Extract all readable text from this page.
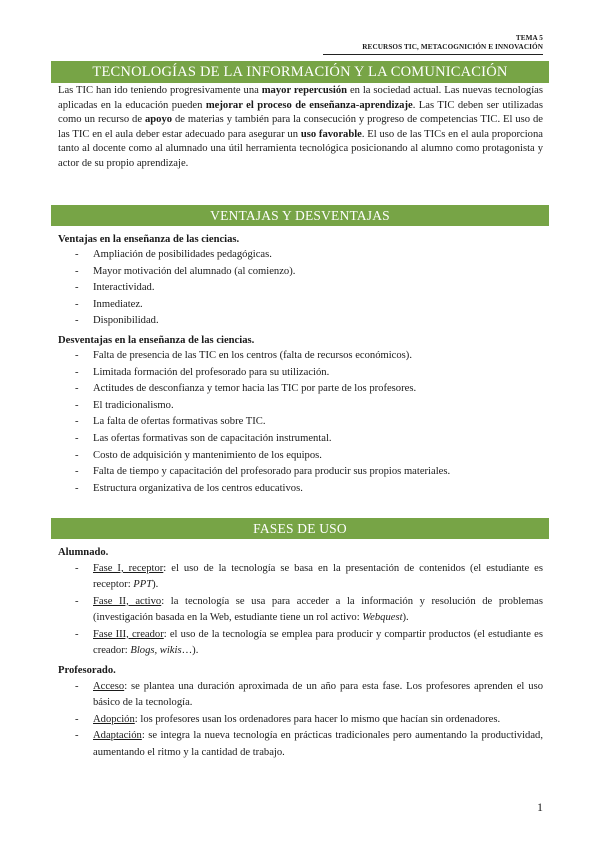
TEMA 5
RECURSOS TIC, METACOGNICIÓN E INNOVACIÓN
TECNOLOGÍAS DE LA INFORMACIÓN Y LA COMUNICACIÓN
Las TIC han ido teniendo progresivamente una mayor repercusión en la sociedad actual. Las nuevas tecnologías aplicadas en la educación pueden mejorar el proceso de enseñanza-aprendizaje. Las TIC deben ser utilizadas como un recurso de apoyo de materias y también para la consecución y progreso de competencias TIC. El uso de las TIC en el aula deber estar adecuado para asegurar un uso favorable. El uso de las TICs en el aula proporciona tanto al docente como al alumnado una útil herramienta tecnológica posicionando al alumno como protagonista y actor de su propio aprendizaje.
VENTAJAS Y DESVENTAJAS
Ventajas en la enseñanza de las ciencias.
- Ampliación de posibilidades pedagógicas.
- Mayor motivación del alumnado (al comienzo).
- Interactividad.
- Inmediatez.
- Disponibilidad.
Desventajas en la enseñanza de las ciencias.
- Falta de presencia de las TIC en los centros (falta de recursos económicos).
- Limitada formación del profesorado para su utilización.
- Actitudes de desconfianza y temor hacia las TIC por parte de los profesores.
- El tradicionalismo.
- La falta de ofertas formativas sobre TIC.
- Las ofertas formativas son de capacitación instrumental.
- Costo de adquisición y mantenimiento de los equipos.
- Falta de tiempo y capacitación del profesorado para producir sus propios materiales.
- Estructura organizativa de los centros educativos.
FASES DE USO
Alumnado.
- Fase I, receptor: el uso de la tecnología se basa en la presentación de contenidos (el estudiante es receptor: PPT).
- Fase II, activo: la tecnología se usa para acceder a la información y resolución de problemas (investigación basada en la Web, estudiante tiene un rol activo: Webquest).
- Fase III, creador: el uso de la tecnología se emplea para producir y compartir productos (el estudiante es creador: Blogs, wikis…).
Profesorado.
- Acceso: se plantea una duración aproximada de un año para esta fase. Los profesores aprenden el uso básico de la tecnología.
- Adopción: los profesores usan los ordenadores para hacer lo mismo que hacían sin ordenadores.
- Adaptación: se integra la nueva tecnología en prácticas tradicionales pero aumentando la productividad, aumentando el ritmo y la cantidad de trabajo.
1
